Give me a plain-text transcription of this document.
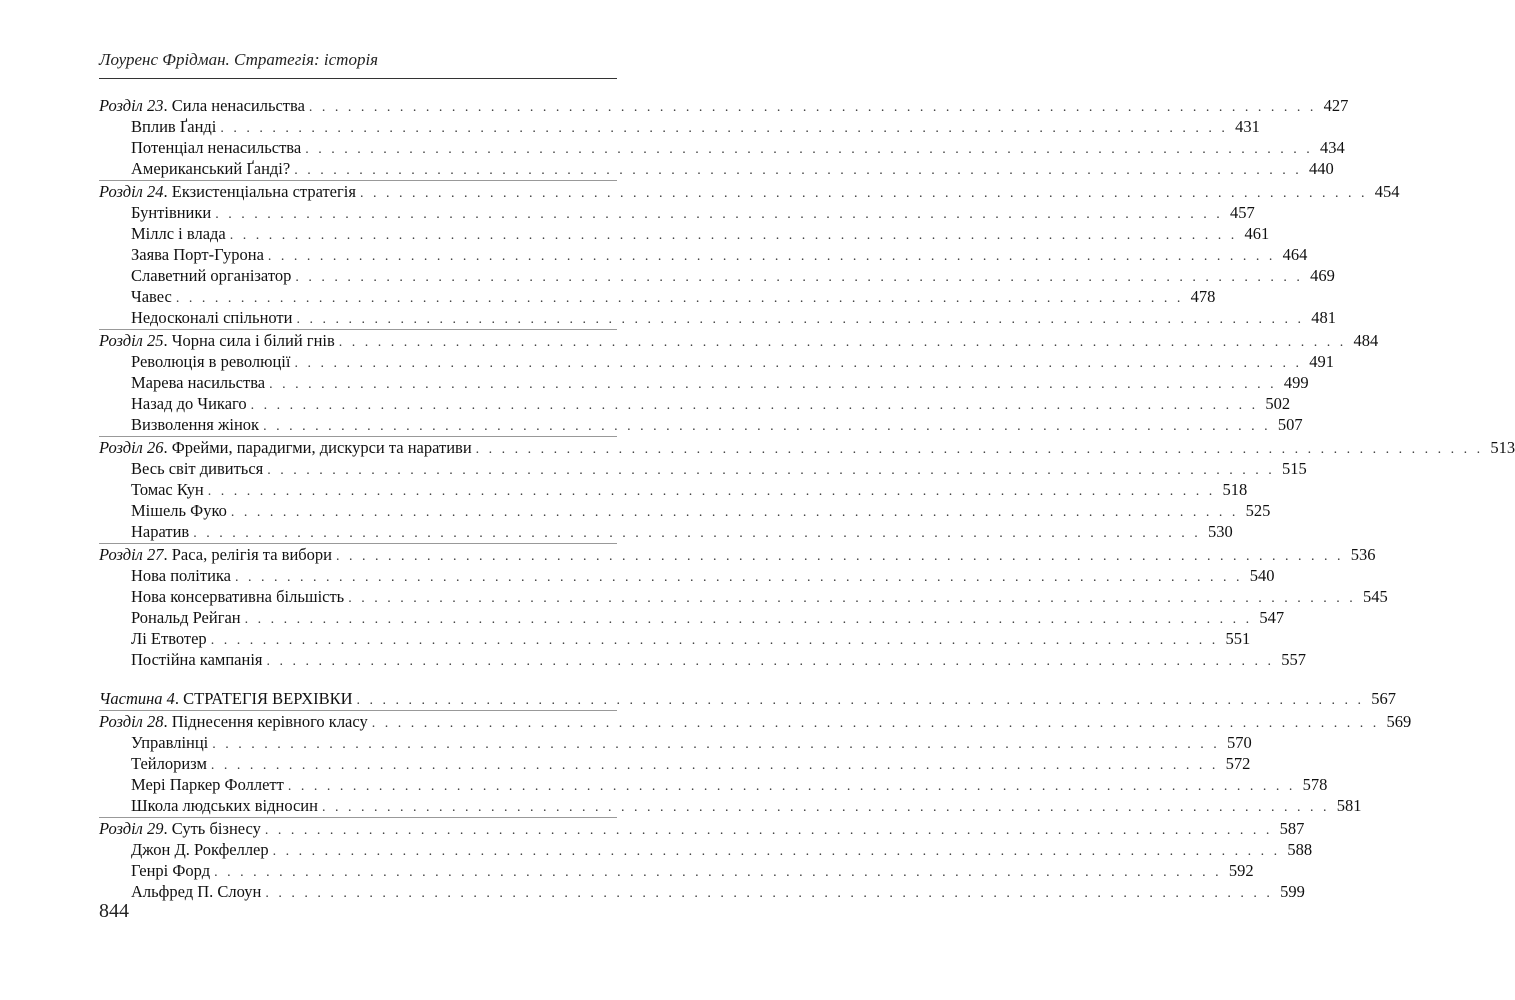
Лоуренс Фрідман. Стратегія: історія
Розділ 23. Сила ненасильства . . . . . . . . . . . . . . . . . . . . . . . . . . . . . . . . . . . . . . . . . . . . . . . . . . . . . . . . . . . . . . . . . . . . . . . . . . . . . . 427
Вплив Ґанді . . . . . . . . . . . . . . . . . . . . . . . . . . . . . . . . . . . . . . . . . . . . . . . . . . . . . . . . . . . . . . . . . . . . . . . . . . . . . . 431
Потенціал ненасильства . . . . . . . . . . . . . . . . . . . . . . . . . . . . . . . . . . . . . . . . . . . . . . . . . . . . . . . . . . . . . . . . . . . . . . . . . . . . . . 434
Американський Ґанді? . . . . . . . . . . . . . . . . . . . . . . . . . . . . . . . . . . . . . . . . . . . . . . . . . . . . . . . . . . . . . . . . . . . . . . . . . . . . . . 440
Розділ 24. Екзистенціальна стратегія . . . . . . . . . . . . . . . . . . . . . . . . . . . . . . . . . . . . . . . . . . . . . . . . . . . . . . . . . . . . . . . . . . . . . . . . . . . . . . 454
Бунтівники . . . . . . . . . . . . . . . . . . . . . . . . . . . . . . . . . . . . . . . . . . . . . . . . . . . . . . . . . . . . . . . . . . . . . . . . . . . . . . 457
Міллс і влада . . . . . . . . . . . . . . . . . . . . . . . . . . . . . . . . . . . . . . . . . . . . . . . . . . . . . . . . . . . . . . . . . . . . . . . . . . . . . . 461
Заява Порт-Гурона . . . . . . . . . . . . . . . . . . . . . . . . . . . . . . . . . . . . . . . . . . . . . . . . . . . . . . . . . . . . . . . . . . . . . . . . . . . . . . 464
Славетний організатор . . . . . . . . . . . . . . . . . . . . . . . . . . . . . . . . . . . . . . . . . . . . . . . . . . . . . . . . . . . . . . . . . . . . . . . . . . . . . . 469
Чавес . . . . . . . . . . . . . . . . . . . . . . . . . . . . . . . . . . . . . . . . . . . . . . . . . . . . . . . . . . . . . . . . . . . . . . . . . . . . . . 478
Недосконалі спільноти . . . . . . . . . . . . . . . . . . . . . . . . . . . . . . . . . . . . . . . . . . . . . . . . . . . . . . . . . . . . . . . . . . . . . . . . . . . . . . 481
Розділ 25. Чорна сила і білий гнів . . . . . . . . . . . . . . . . . . . . . . . . . . . . . . . . . . . . . . . . . . . . . . . . . . . . . . . . . . . . . . . . . . . . . . . . . . . . . . 484
Революція в революції . . . . . . . . . . . . . . . . . . . . . . . . . . . . . . . . . . . . . . . . . . . . . . . . . . . . . . . . . . . . . . . . . . . . . . . . . . . . . . 491
Марева насильства . . . . . . . . . . . . . . . . . . . . . . . . . . . . . . . . . . . . . . . . . . . . . . . . . . . . . . . . . . . . . . . . . . . . . . . . . . . . . . 499
Назад до Чикаго . . . . . . . . . . . . . . . . . . . . . . . . . . . . . . . . . . . . . . . . . . . . . . . . . . . . . . . . . . . . . . . . . . . . . . . . . . . . . . 502
Визволення жінок . . . . . . . . . . . . . . . . . . . . . . . . . . . . . . . . . . . . . . . . . . . . . . . . . . . . . . . . . . . . . . . . . . . . . . . . . . . . . . 507
Розділ 26. Фрейми, парадигми, дискурси та наративи . . . . . . . . . . . . . . . . . . . . . . . . . . . . . . . . . . . . . . . . . . . . . . . . . . . . . . . . . . . . . . . . . . . . . . . . . . . . . . 513
Весь світ дивиться . . . . . . . . . . . . . . . . . . . . . . . . . . . . . . . . . . . . . . . . . . . . . . . . . . . . . . . . . . . . . . . . . . . . . . . . . . . . . . 515
Томас Кун . . . . . . . . . . . . . . . . . . . . . . . . . . . . . . . . . . . . . . . . . . . . . . . . . . . . . . . . . . . . . . . . . . . . . . . . . . . . . . 518
Мішель Фуко . . . . . . . . . . . . . . . . . . . . . . . . . . . . . . . . . . . . . . . . . . . . . . . . . . . . . . . . . . . . . . . . . . . . . . . . . . . . . . 525
Наратив . . . . . . . . . . . . . . . . . . . . . . . . . . . . . . . . . . . . . . . . . . . . . . . . . . . . . . . . . . . . . . . . . . . . . . . . . . . . . . 530
Розділ 27. Раса, релігія та вибори . . . . . . . . . . . . . . . . . . . . . . . . . . . . . . . . . . . . . . . . . . . . . . . . . . . . . . . . . . . . . . . . . . . . . . . . . . . . . . 536
Нова політика . . . . . . . . . . . . . . . . . . . . . . . . . . . . . . . . . . . . . . . . . . . . . . . . . . . . . . . . . . . . . . . . . . . . . . . . . . . . . . 540
Нова консервативна більшість . . . . . . . . . . . . . . . . . . . . . . . . . . . . . . . . . . . . . . . . . . . . . . . . . . . . . . . . . . . . . . . . . . . . . . . . . . . . . . 545
Рональд Рейган . . . . . . . . . . . . . . . . . . . . . . . . . . . . . . . . . . . . . . . . . . . . . . . . . . . . . . . . . . . . . . . . . . . . . . . . . . . . . . 547
Лі Етвотер . . . . . . . . . . . . . . . . . . . . . . . . . . . . . . . . . . . . . . . . . . . . . . . . . . . . . . . . . . . . . . . . . . . . . . . . . . . . . . 551
Постійна кампанія . . . . . . . . . . . . . . . . . . . . . . . . . . . . . . . . . . . . . . . . . . . . . . . . . . . . . . . . . . . . . . . . . . . . . . . . . . . . . . 557
Частина 4. СТРАТЕГІЯ ВЕРХІВКИ . . . . . . . . . . . . . . . . . . . . . . . . . . . . . . . . . . . . . . . . . . . . . . . . . . . . . . . . . . . . . . . . . . . . . . . . . . . . . . 567
Розділ 28. Піднесення керівного класу . . . . . . . . . . . . . . . . . . . . . . . . . . . . . . . . . . . . . . . . . . . . . . . . . . . . . . . . . . . . . . . . . . . . . . . . . . . . . . 569
Управлінці . . . . . . . . . . . . . . . . . . . . . . . . . . . . . . . . . . . . . . . . . . . . . . . . . . . . . . . . . . . . . . . . . . . . . . . . . . . . . . 570
Тейлоризм . . . . . . . . . . . . . . . . . . . . . . . . . . . . . . . . . . . . . . . . . . . . . . . . . . . . . . . . . . . . . . . . . . . . . . . . . . . . . . 572
Мері Паркер Фоллетт . . . . . . . . . . . . . . . . . . . . . . . . . . . . . . . . . . . . . . . . . . . . . . . . . . . . . . . . . . . . . . . . . . . . . . . . . . . . . . 578
Школа людських відносин . . . . . . . . . . . . . . . . . . . . . . . . . . . . . . . . . . . . . . . . . . . . . . . . . . . . . . . . . . . . . . . . . . . . . . . . . . . . . . 581
Розділ 29. Суть бізнесу . . . . . . . . . . . . . . . . . . . . . . . . . . . . . . . . . . . . . . . . . . . . . . . . . . . . . . . . . . . . . . . . . . . . . . . . . . . . . . 587
Джон Д. Рокфеллер . . . . . . . . . . . . . . . . . . . . . . . . . . . . . . . . . . . . . . . . . . . . . . . . . . . . . . . . . . . . . . . . . . . . . . . . . . . . . . 588
Генрі Форд . . . . . . . . . . . . . . . . . . . . . . . . . . . . . . . . . . . . . . . . . . . . . . . . . . . . . . . . . . . . . . . . . . . . . . . . . . . . . . 592
Альфред П. Слоун . . . . . . . . . . . . . . . . . . . . . . . . . . . . . . . . . . . . . . . . . . . . . . . . . . . . . . . . . . . . . . . . . . . . . . . . . . . . . . 599
844
